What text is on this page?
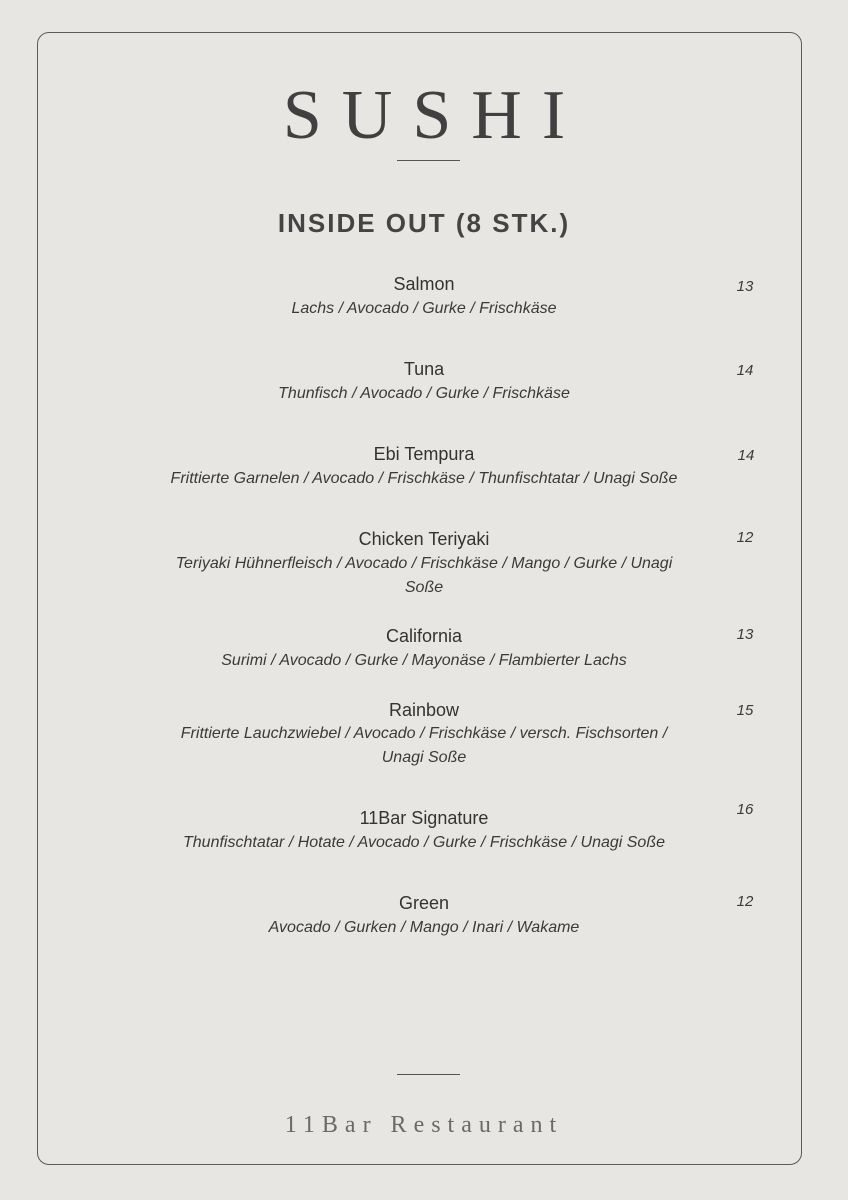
SUSHI
INSIDE OUT (8 STK.)
Salmon
Lachs / Avocado / Gurke / Frischkäse
13
Tuna
Thunfisch / Avocado / Gurke / Frischkäse
14
Ebi Tempura
Frittierte Garnelen / Avocado / Frischkäse / Thunfischtatar / Unagi Soße
14
Chicken Teriyaki
Teriyaki Hühnerfleisch / Avocado / Frischkäse / Mango / Gurke / Unagi Soße
12
California
Surimi / Avocado / Gurke / Mayonäse / Flambierter Lachs
13
Rainbow
Frittierte Lauchzwiebel / Avocado / Frischkäse / versch. Fischsorten / Unagi Soße
15
11Bar Signature
Thunfischtatar / Hotate / Avocado / Gurke / Frischkäse / Unagi Soße
16
Green
Avocado / Gurken / Mango / Inari / Wakame
12
11Bar Restaurant
